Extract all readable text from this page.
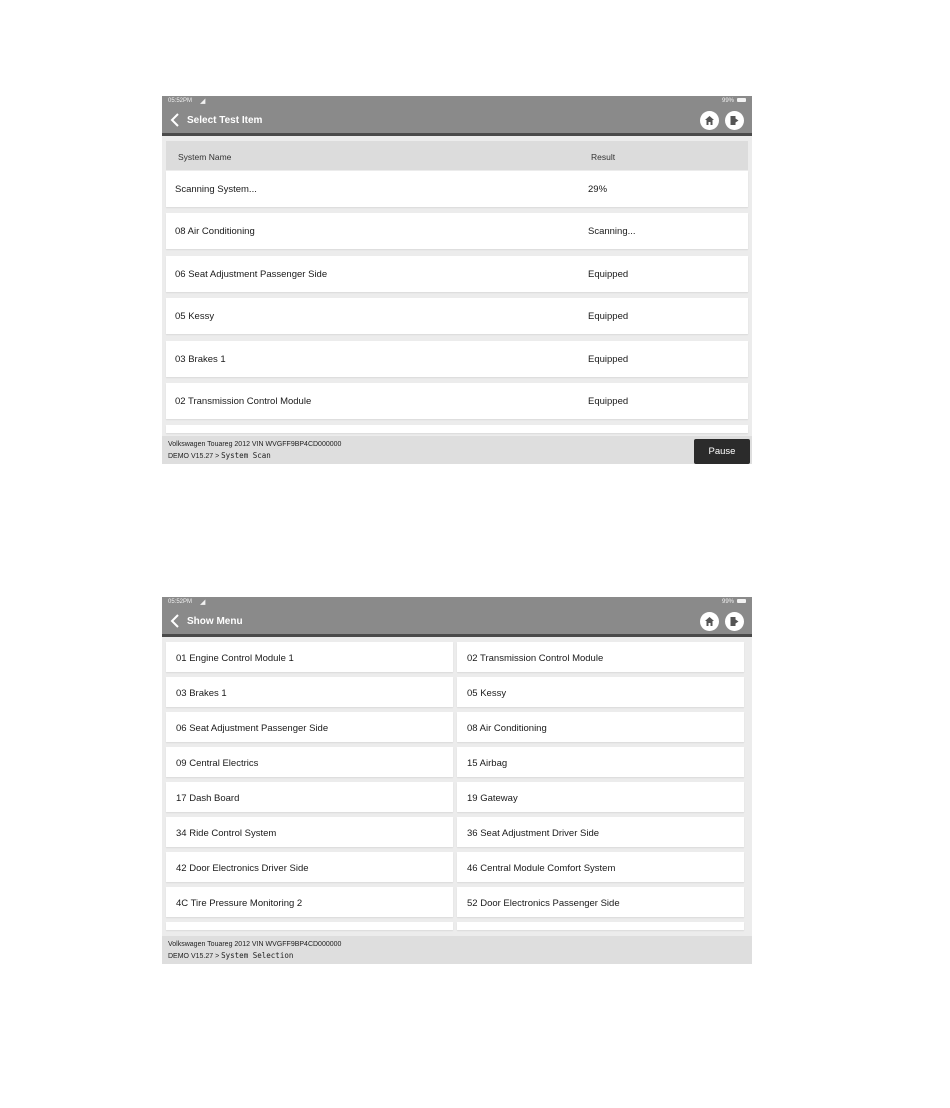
05:52PM ◢	99%
Select Test Item
System Name	Result
Scanning System...	29%
08 Air Conditioning	Scanning...
06 Seat Adjustment Passenger Side	Equipped
05 Kessy	Equipped
03 Brakes 1	Equipped
02 Transmission Control Module	Equipped
Volkswagen Touareg 2012 VIN WVGFF9BP4CD000000
DEMO V15.27 > System Scan	Pause
05:52PM ◢	99%
Show Menu
01 Engine Control Module 1	02 Transmission Control Module
03 Brakes 1	05 Kessy
06 Seat Adjustment Passenger Side	08 Air Conditioning
09 Central Electrics	15 Airbag
17 Dash Board	19 Gateway
34 Ride Control System	36 Seat Adjustment Driver Side
42 Door Electronics Driver Side	46 Central Module Comfort System
4C Tire Pressure Monitoring 2	52 Door Electronics Passenger Side
Volkswagen Touareg 2012 VIN WVGFF9BP4CD000000
DEMO V15.27 > System Selection
